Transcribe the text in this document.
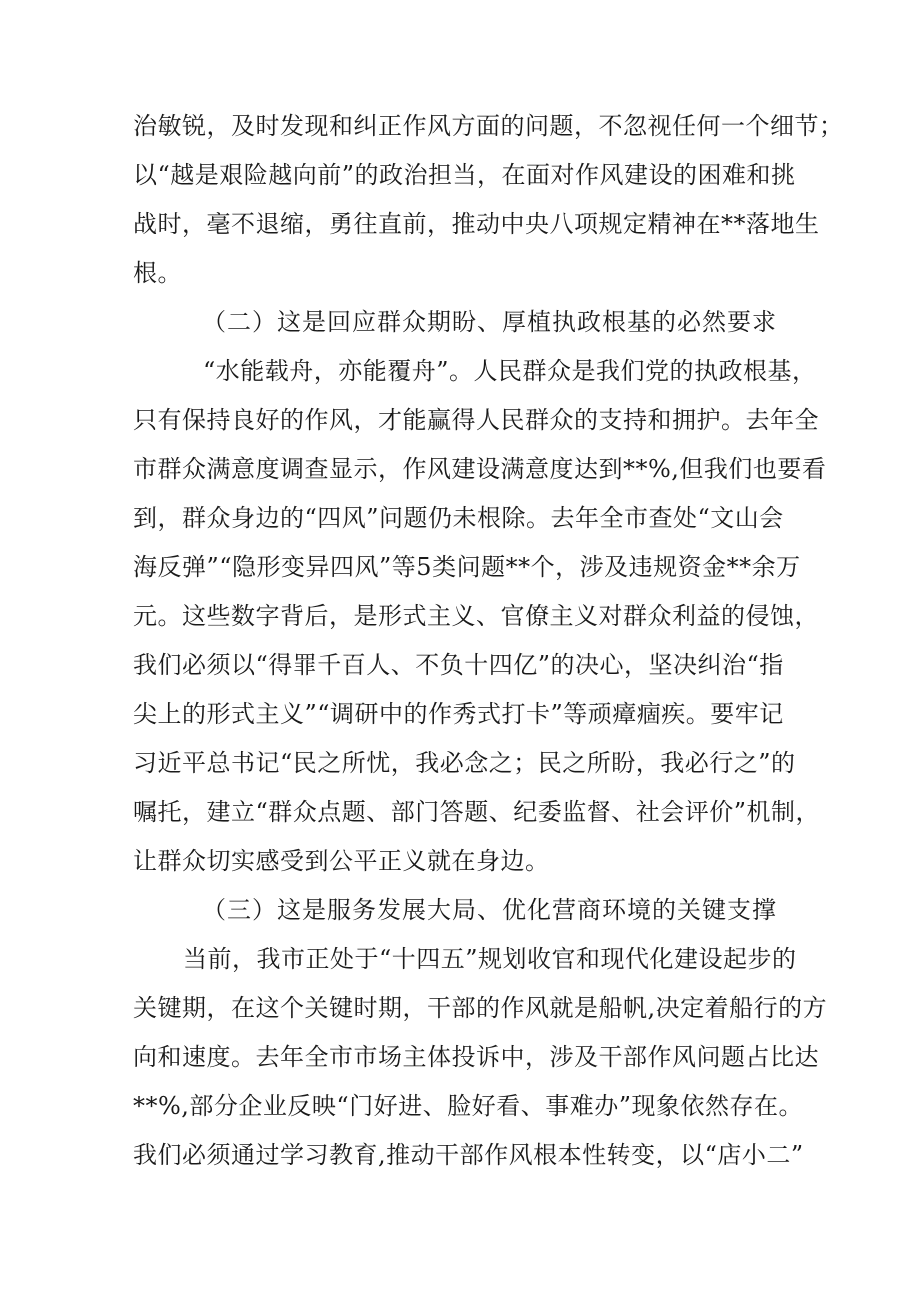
治敏锐，及时发现和纠正作风方面的问题，不忽视任何一个细节；
以“越是艰险越向前”的政治担当，在面对作风建设的困难和挑
战时，毫不退缩，勇往直前，推动中央八项规定精神在**落地生
根。
（二）这是回应群众期盼、厚植执政根基的必然要求
“水能载舟，亦能覆舟”。人民群众是我们党的执政根基，
只有保持良好的作风，才能赢得人民群众的支持和拥护。去年全
市群众满意度调查显示，作风建设满意度达到**%,但我们也要看
到，群众身边的“四风”问题仍未根除。去年全市查处“文山会
海反弹”“隐形变异四风”等5类问题**个，涉及违规资金**余万
元。这些数字背后，是形式主义、官僚主义对群众利益的侵蚀，
我们必须以“得罪千百人、不负十四亿”的决心，坚决纠治“指
尖上的形式主义”“调研中的作秀式打卡”等顽瘴痼疾。要牢记
习近平总书记“民之所忧，我必念之；民之所盼，我必行之”的
嘱托，建立“群众点题、部门答题、纪委监督、社会评价”机制，
让群众切实感受到公平正义就在身边。
（三）这是服务发展大局、优化营商环境的关键支撑
当前，我市正处于“十四五”规划收官和现代化建设起步的
关键期，在这个关键时期，干部的作风就是船帆,决定着船行的方
向和速度。去年全市市场主体投诉中，涉及干部作风问题占比达
**%,部分企业反映“门好进、脸好看、事难办”现象依然存在。
我们必须通过学习教育,推动干部作风根本性转变，以“店小二”
